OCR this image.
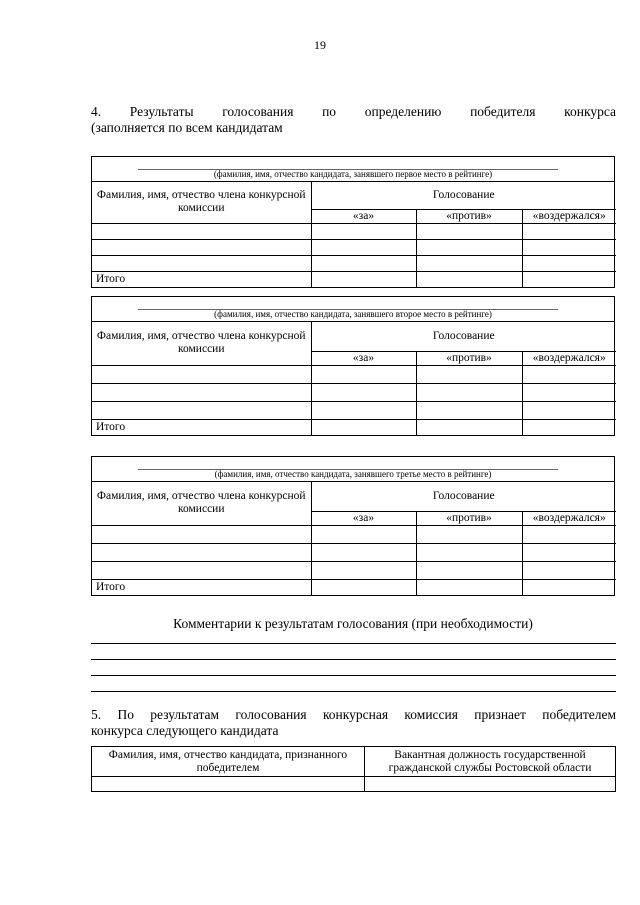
19
4. Результаты голосования по определению победителя конкурса
(заполняется по всем кандидатам
(фамилия, имя, отчество кандидата, занявшего первое место в рейтинге)
Фамилия, имя, отчество члена конкурсной комиссии	Голосование		
	«за»	«против»	«воздержался»

Итого			
(фамилия, имя, отчество кандидата, занявшего второе место в рейтинге)
Фамилия, имя, отчество члена конкурсной комиссии	Голосование		
	«за»	«против»	«воздержался»

Итого			
(фамилия, имя, отчество кандидата, занявшего третье место в рейтинге)
Фамилия, имя, отчество члена конкурсной комиссии	Голосование		
	«за»	«против»	«воздержался»

Итого			
Комментарии к результатам голосования (при необходимости)
5. По результатам голосования конкурсная комиссия признает победителем
конкурса следующего кандидата
Фамилия, имя, отчество кандидата, признанного победителем	Вакантная должность государственной гражданской службы Ростовской области
